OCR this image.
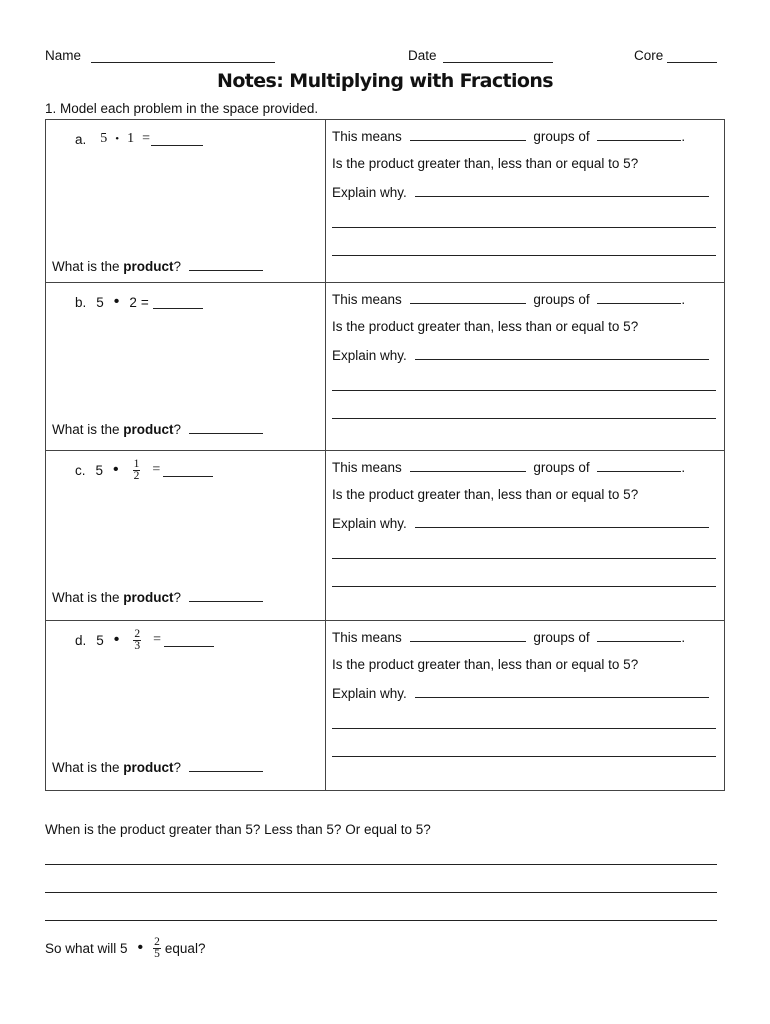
Name	Date	Core
Notes: Multiplying with Fractions
1. Model each problem in the space provided.
a. 5 • 1 =
What is the product?
This means	groups of	.
Is the product greater than, less than or equal to 5?
Explain why.
b. 5 • 2 =
What is the product?
This means	groups of	.
Is the product greater than, less than or equal to 5?
Explain why.
c. 5 • $\frac{1}{2}$ =
What is the product?
This means	groups of	.
Is the product greater than, less than or equal to 5?
Explain why.
d. 5 • $\frac{2}{3}$ =
What is the product?
This means	groups of	.
Is the product greater than, less than or equal to 5?
Explain why.
When is the product greater than 5? Less than 5? Or equal to 5?
So what will 5 • $\frac{2}{5}$ equal?
